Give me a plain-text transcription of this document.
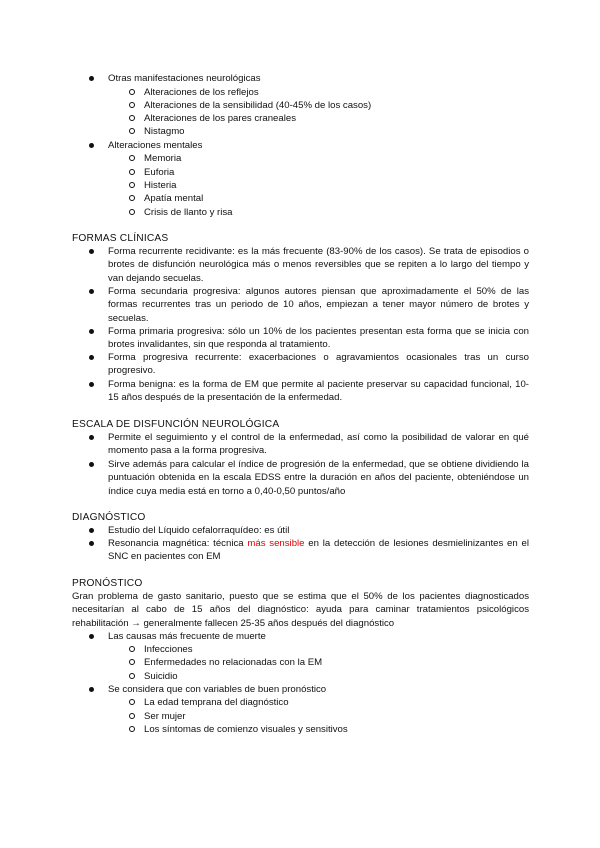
Otras manifestaciones neurológicas
Alteraciones de los reflejos
Alteraciones de la sensibilidad (40-45% de los casos)
Alteraciones de los pares craneales
Nistagmo
Alteraciones mentales
Memoria
Euforia
Histeria
Apatía mental
Crisis de llanto y risa
FORMAS CLÍNICAS
Forma recurrente recidivante: es la más frecuente (83-90% de los casos). Se trata de episodios o brotes de disfunción neurológica más o menos reversibles que se repiten a lo largo del tiempo y van dejando secuelas.
Forma secundaria progresiva: algunos autores piensan que aproximadamente el 50% de las formas recurrentes tras un periodo de 10 años, empiezan a tener mayor número de brotes y secuelas.
Forma primaria progresiva: sólo un 10% de los pacientes presentan esta forma que se inicia con brotes invalidantes, sin que responda al tratamiento.
Forma progresiva recurrente: exacerbaciones o agravamientos ocasionales tras un curso progresivo.
Forma benigna: es la forma de EM que permite al paciente preservar su capacidad funcional, 10-15 años después de la presentación de la enfermedad.
ESCALA DE DISFUNCIÓN NEUROLÓGICA
Permite el seguimiento y el control de la enfermedad, así como la posibilidad de valorar en qué momento pasa a la forma progresiva.
Sirve además para calcular el índice de progresión de la enfermedad, que se obtiene dividiendo la puntuación obtenida en la escala EDSS entre la duración en años del paciente, obteniéndose un índice cuya media está en torno a 0,40-0,50 puntos/año
DIAGNÓSTICO
Estudio del Líquido cefalorraquídeo: es útil
Resonancia magnética: técnica más sensible en la detección de lesiones desmielinizantes en el SNC en pacientes con EM
PRONÓSTICO
Gran problema de gasto sanitario, puesto que se estima que el 50% de los pacientes diagnosticados necesitarían al cabo de 15 años del diagnóstico: ayuda para caminar tratamientos psicológicos rehabilitación → generalmente fallecen 25-35 años después del diagnóstico
Las causas más frecuente de muerte
Infecciones
Enfermedades no relacionadas con la EM
Suicidio
Se considera que con variables de buen pronóstico
La edad temprana del diagnóstico
Ser mujer
Los síntomas de comienzo visuales y sensitivos
